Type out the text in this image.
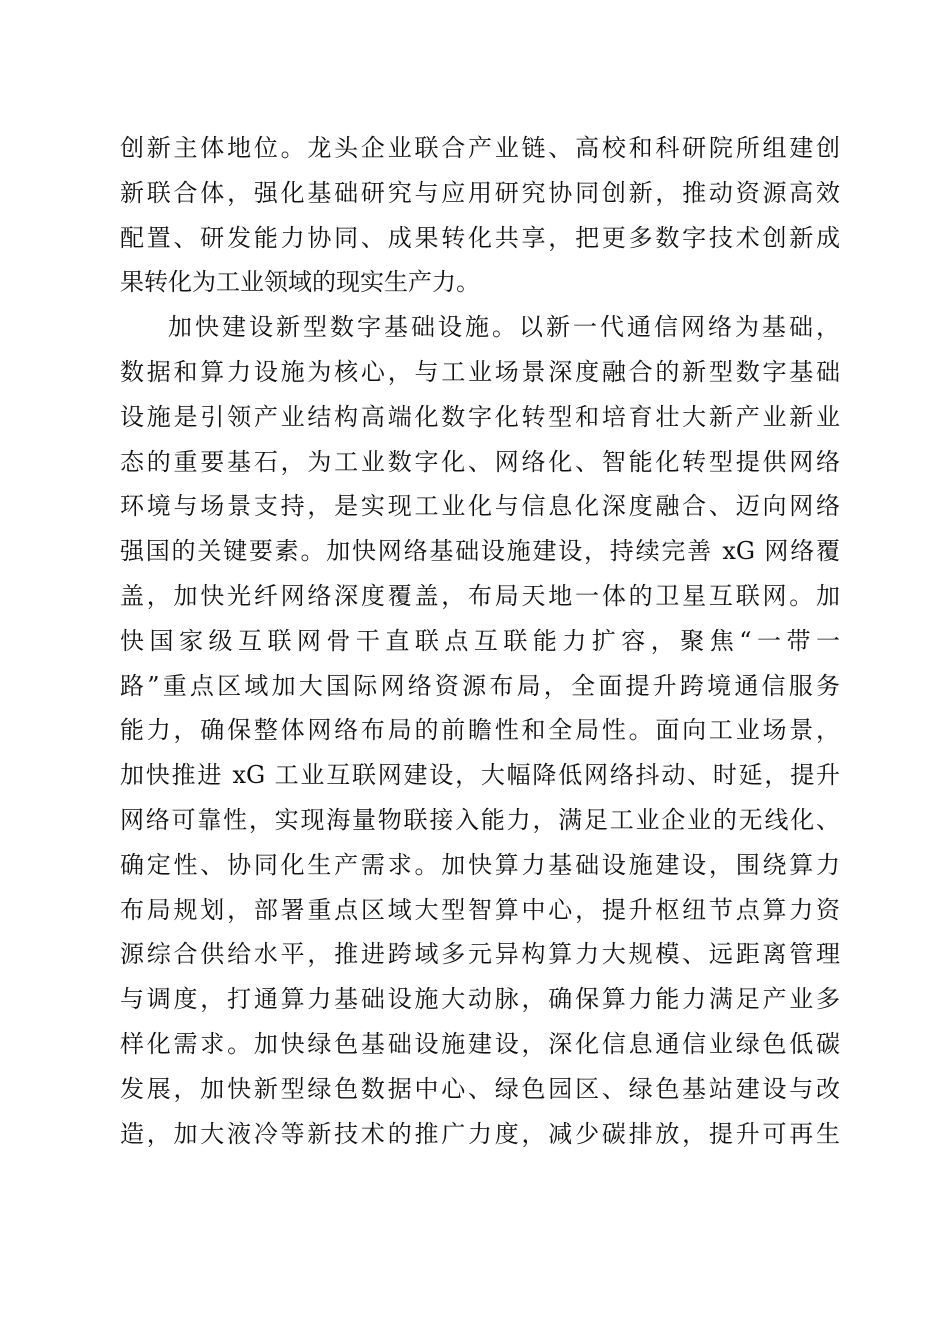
创新主体地位。龙头企业联合产业链、高校和科研院所组建创
新联合体，强化基础研究与应用研究协同创新，推动资源高效
配置、研发能力协同、成果转化共享，把更多数字技术创新成
果转化为工业领域的现实生产力。
加快建设新型数字基础设施。以新一代通信网络为基础，
数据和算力设施为核心，与工业场景深度融合的新型数字基础
设施是引领产业结构高端化数字化转型和培育壮大新产业新业
态的重要基石，为工业数字化、网络化、智能化转型提供网络
环境与场景支持，是实现工业化与信息化深度融合、迈向网络
强国的关键要素。加快网络基础设施建设，持续完善 xG 网络覆
盖，加快光纤网络深度覆盖，布局天地一体的卫星互联网。加
快国家级互联网骨干直联点互联能力扩容，聚焦“一带一
路”重点区域加大国际网络资源布局，全面提升跨境通信服务
能力，确保整体网络布局的前瞻性和全局性。面向工业场景，
加快推进 xG 工业互联网建设，大幅降低网络抖动、时延，提升
网络可靠性，实现海量物联接入能力，满足工业企业的无线化、
确定性、协同化生产需求。加快算力基础设施建设，围绕算力
布局规划，部署重点区域大型智算中心，提升枢纽节点算力资
源综合供给水平，推进跨域多元异构算力大规模、远距离管理
与调度，打通算力基础设施大动脉，确保算力能力满足产业多
样化需求。加快绿色基础设施建设，深化信息通信业绿色低碳
发展，加快新型绿色数据中心、绿色园区、绿色基站建设与改
造，加大液冷等新技术的推广力度，减少碳排放，提升可再生
